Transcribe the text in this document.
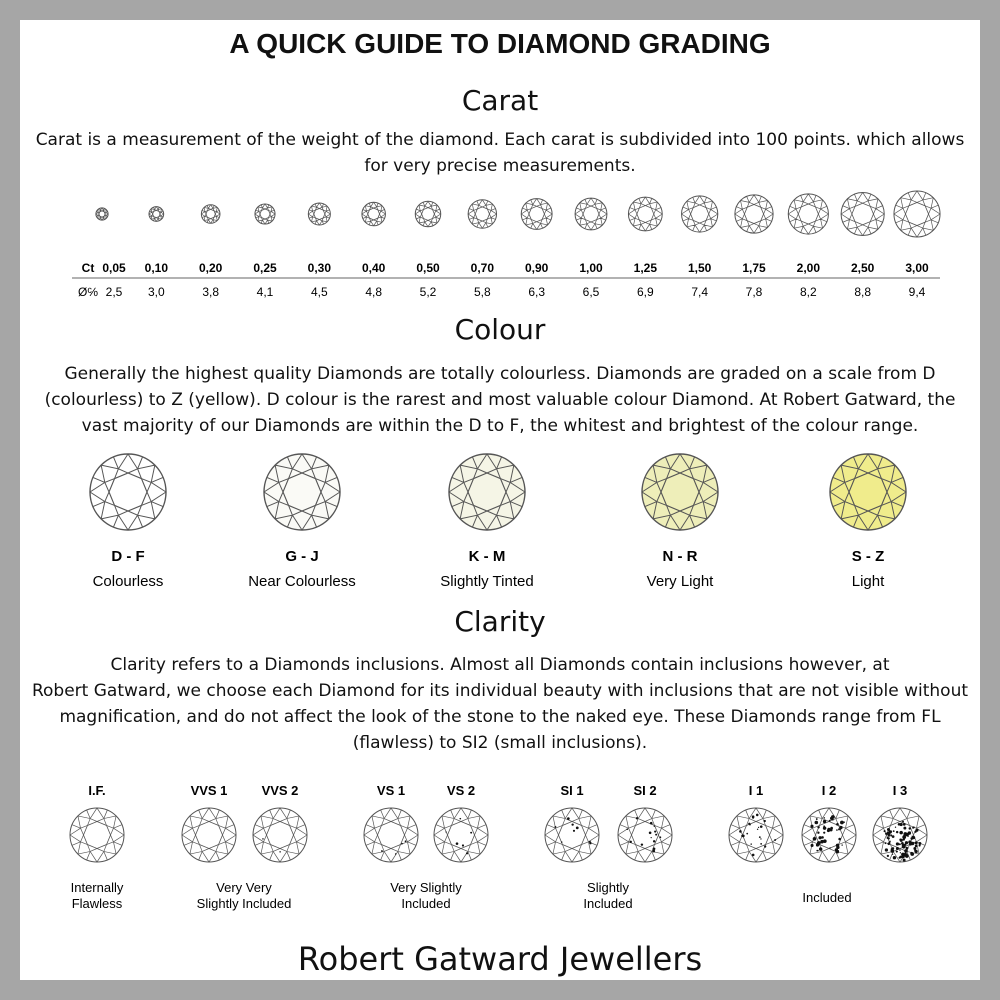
A QUICK GUIDE TO DIAMOND GRADING
Carat
Carat is a measurement of the weight of the diamond. Each carat is subdivided into 100 points. which allows for very precise measurements.
Ct
Ø℅
0,05 0,10	0,20	0,25	0,30	0,40	0,50	0,70	0,90	1,00	1,25	1,50	1,75	2,00	2,50	3,00
2,5 3,0	3,8	4,1	4,5	4,8	5,2	5,8	6,3	6,5	6,9	7,4	7,8	8,2	8,8	9,4
Colour
Generally the highest quality Diamonds are totally colourless. Diamonds are graded on a scale from D (colourless) to Z (yellow). D colour is the rarest and most valuable colour Diamond. At Robert Gatward, the vast majority of our Diamonds are within the D to F, the whitest and brightest of the colour range.
D - F
Colourless
G - J
Near Colourless
K - M
Slightly Tinted
N - R
Very Light
S - Z
Light
Clarity
Clarity refers to a Diamonds inclusions. Almost all Diamonds contain inclusions however, at
Robert Gatward, we choose each Diamond for its individual beauty with inclusions that are not visible without
magnification, and do not affect the look of the stone to the naked eye. These Diamonds range from FL
(flawless) to SI2 (small inclusions).
I.F.	VVS 1	VVS 2	VS 1	VS 2	SI 1	SI 2	I 1	I 2	I 3
Internally
Flawless
Very Very
Slightly Included
Very Slightly
Included
Slightly
Included	Included
Robert Gatward Jewellers
